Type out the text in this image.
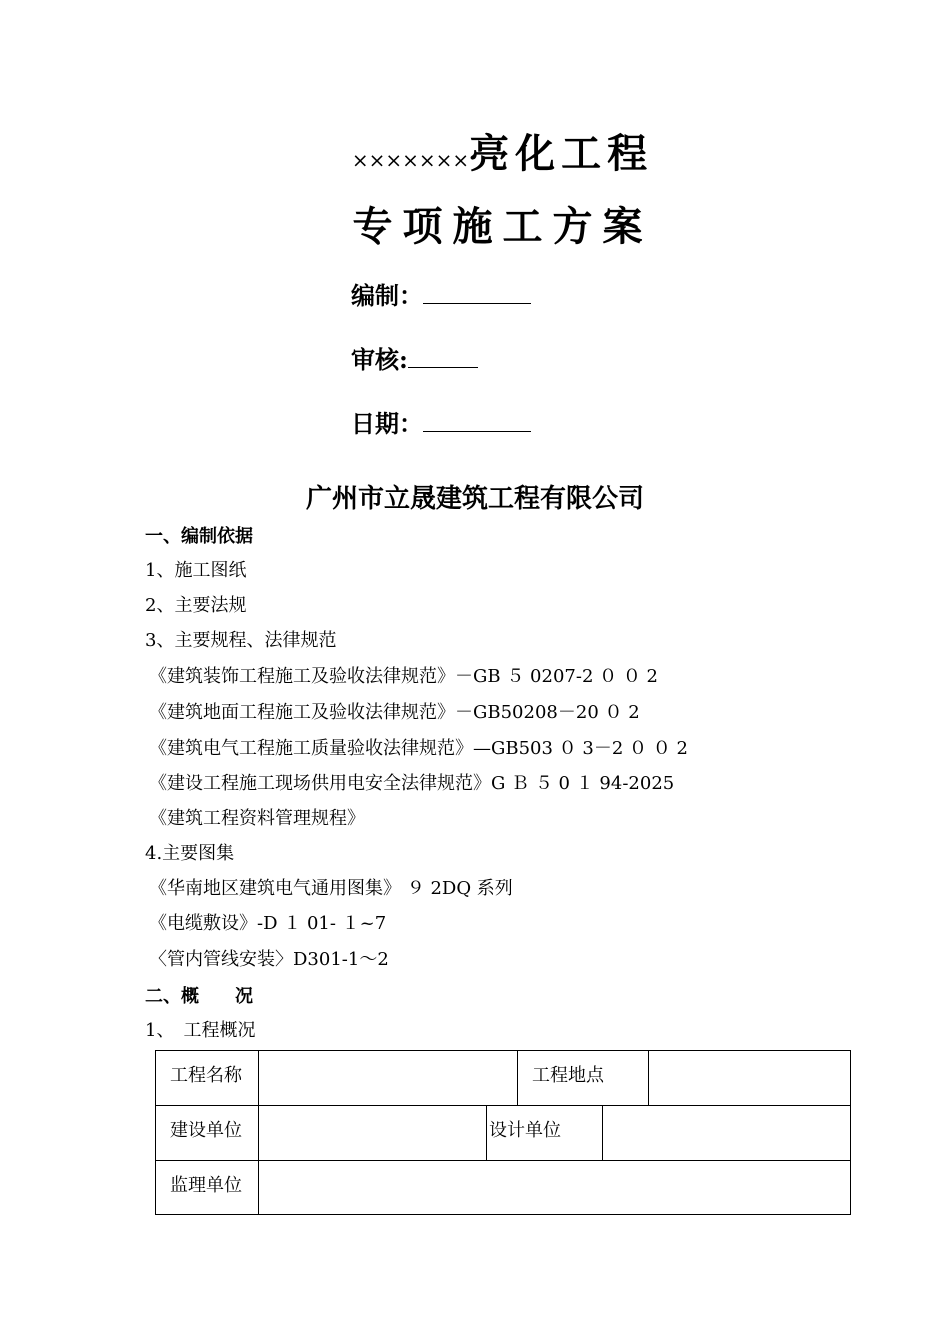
×××××××亮化工程
专项施工方案
编制：
审核:
日期：
广州市立晟建筑工程有限公司
一、编制依据
1、施工图纸
2、主要法规
3、主要规程、法律规范
《建筑装饰工程施工及验收法律规范》－GB ５ 0207-2 ０ ０ 2
《建筑地面工程施工及验收法律规范》－GB50208－20 ０ 2
《建筑电气工程施工质量验收法律规范》—GB503 ０ 3－2 ０ ０ 2
《建设工程施工现场供用电安全法律规范》G Ｂ ５ 0 １ 94-2025
《建筑工程资料管理规程》
4.主要图集
《华南地区建筑电气通用图集》 ９ 2DQ 系列
《电缆敷设》-D １ 01- １~7
〈管内管线安装〉D301-1～2
二、概　　况
1、　工程概况
工程名称			工程地点		
建设单位		设计单位			
监理单位					
